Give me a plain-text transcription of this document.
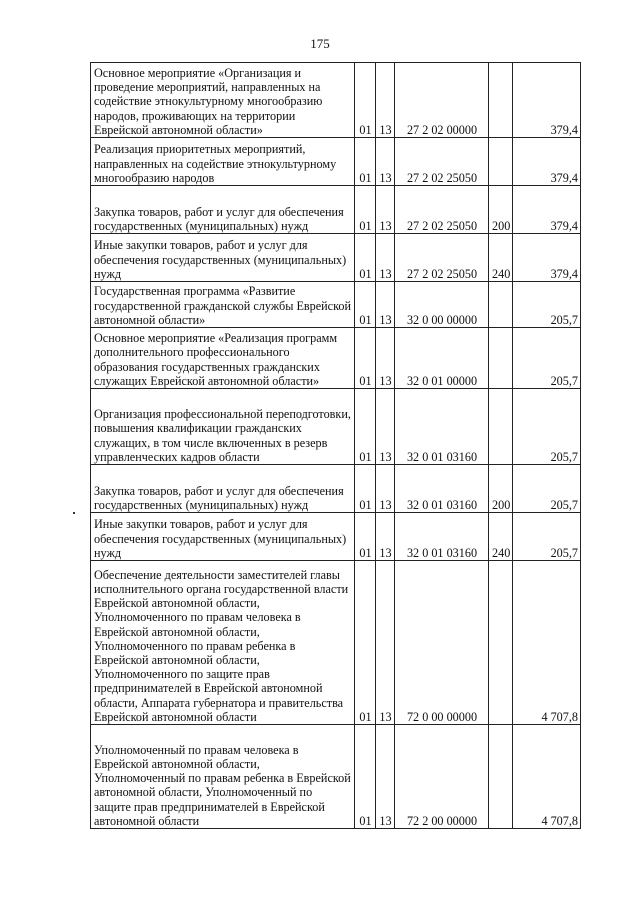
175
Основное мероприятие «Организация и проведение мероприятий, направленных на содействие этнокультурному многообразию народов, проживающих на территории Еврейской автономной области»	01	13	27 2 02 00000		379,4
Реализация приоритетных мероприятий, направленных на содействие этнокультурному многообразию народов	01	13	27 2 02 25050		379,4
Закупка товаров, работ и услуг для обеспечения государственных (муниципальных) нужд	01	13	27 2 02 25050	200	379,4
Иные закупки товаров, работ и услуг для обеспечения государственных (муниципальных) нужд	01	13	27 2 02 25050	240	379,4
Государственная программа «Развитие государственной гражданской службы Еврейской автономной области»	01	13	32 0 00 00000		205,7
Основное мероприятие «Реализация программ дополнительного профессионального образования государственных гражданских служащих Еврейской автономной области»	01	13	32 0 01 00000		205,7
Организация профессиональной переподготовки, повышения квалификации гражданских служащих, в том числе включенных в резерв управленческих кадров области	01	13	32 0 01 03160		205,7
Закупка товаров, работ и услуг для обеспечения государственных (муниципальных) нужд	01	13	32 0 01 03160	200	205,7
Иные закупки товаров, работ и услуг для обеспечения государственных (муниципальных) нужд	01	13	32 0 01 03160	240	205,7
Обеспечение деятельности заместителей главы исполнительного органа государственной власти Еврейской автономной области, Уполномоченного по правам человека в Еврейской автономной области, Уполномоченного по правам ребенка в Еврейской автономной области, Уполномоченного по защите прав предпринимателей в Еврейской автономной области, Аппарата губернатора и правительства Еврейской автономной области	01	13	72 0 00 00000		4 707,8
Уполномоченный по правам человека в Еврейской автономной области, Уполномоченный по правам ребенка в Еврейской автономной области, Уполномоченный по защите прав предпринимателей в Еврейской автономной области	01	13	72 2 00 00000		4 707,8
